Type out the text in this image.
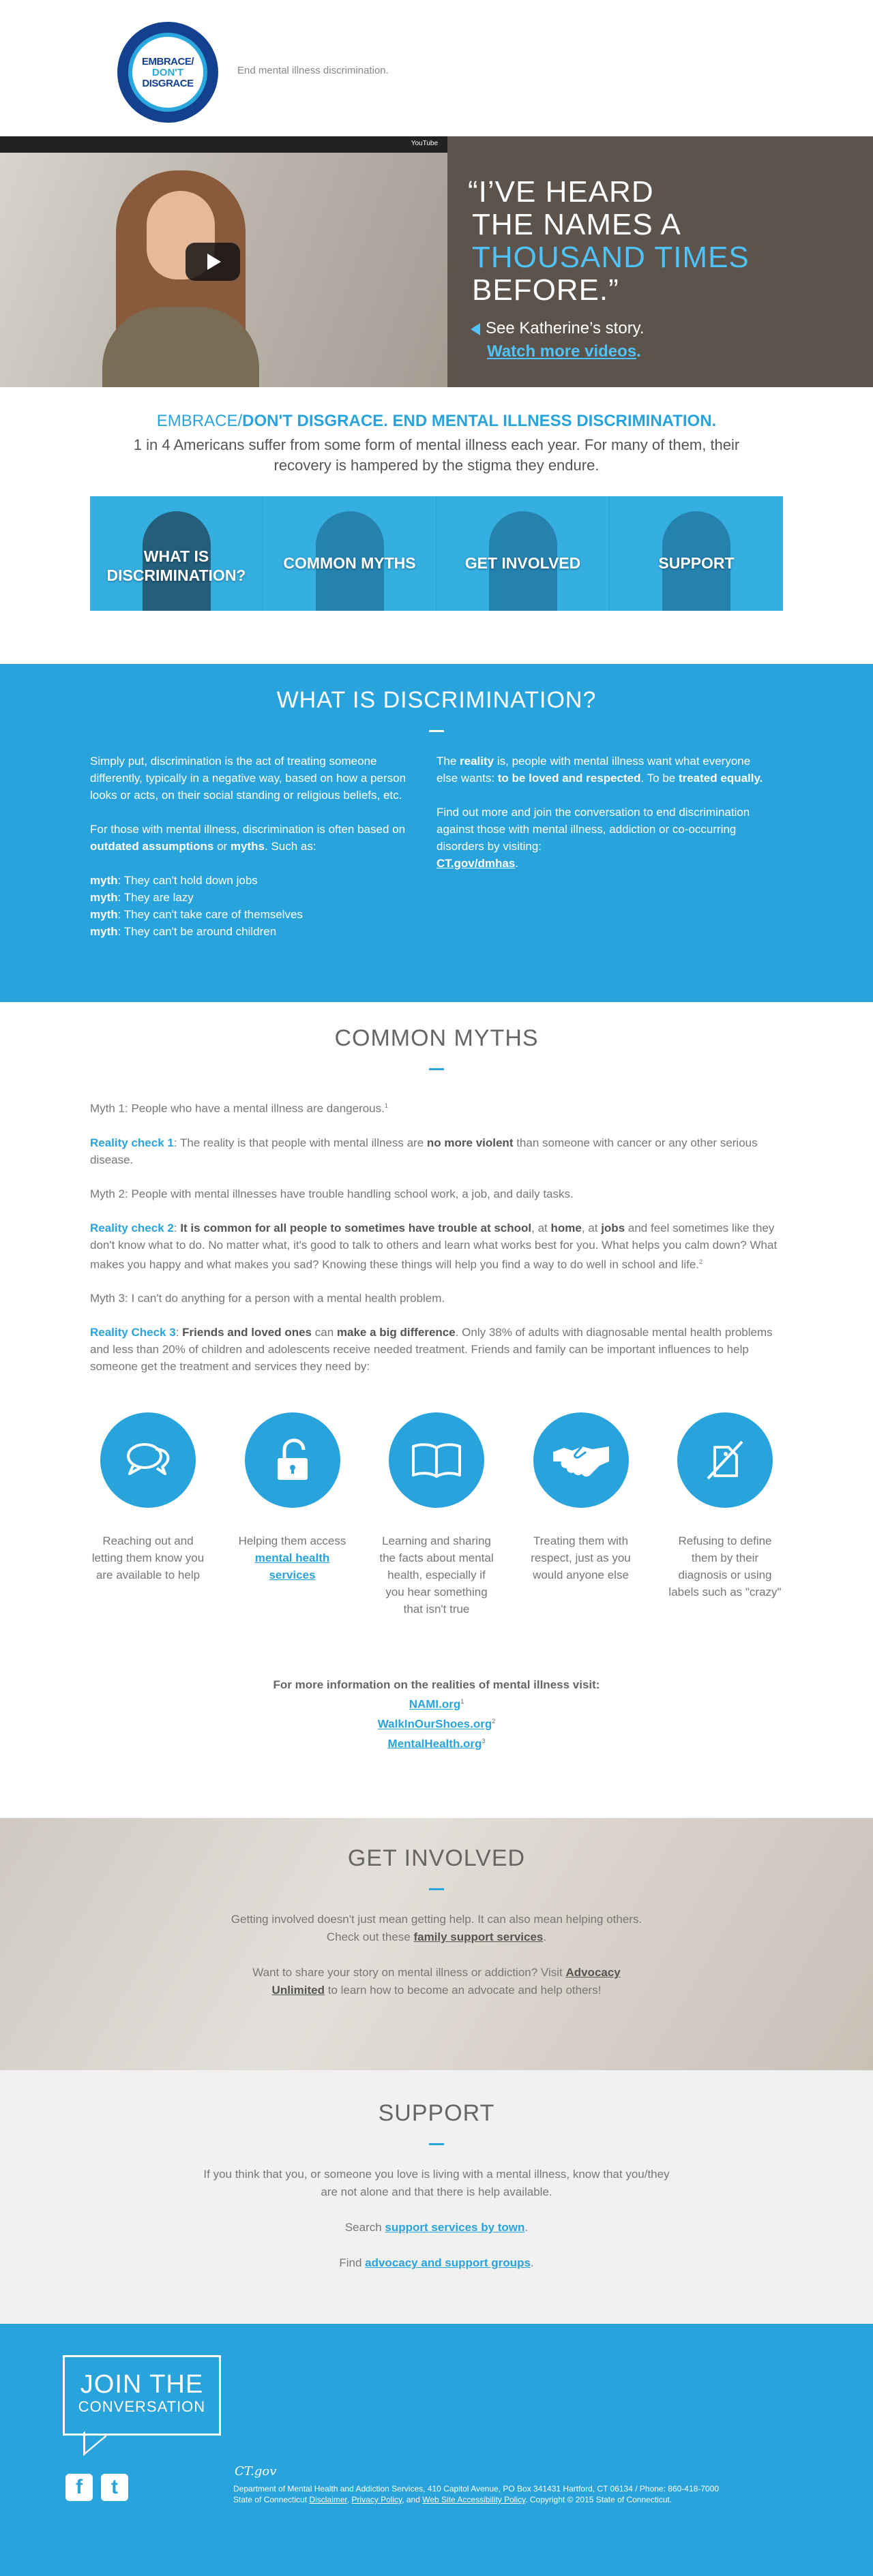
EMBRACE/
DON'T
DISGRACE
End mental illness discrimination.
YouTube
“I’VE HEARD
THE NAMES A
THOUSAND TIMES
BEFORE.”
See Katherine’s story.
Watch more videos.
EMBRACE/DON'T DISGRACE. END MENTAL ILLNESS DISCRIMINATION.
1 in 4 Americans suffer from some form of mental illness each year. For many of them, their recovery is hampered by the stigma they endure.
WHAT IS DISCRIMINATION?
COMMON MYTHS	GET INVOLVED	SUPPORT
WHAT IS DISCRIMINATION?

Simply put, discrimination is the act of treating someone differently, typically in a negative way, based on how a person looks or acts, on their social standing or religious beliefs, etc.

For those with mental illness, discrimination is often based on outdated assumptions or myths. Such as:

myth: They can't hold down jobs
myth: They are lazy
myth: They can't take care of themselves
myth: They can't be around children

The reality is, people with mental illness want what everyone else wants: to be loved and respected. To be treated equally.

Find out more and join the conversation to end discrimination against those with mental illness, addiction or co-occurring disorders by visiting:
CT.gov/dmhas.

COMMON MYTHS

Myth 1: People who have a mental illness are dangerous.$^1$

Reality check 1: The reality is that people with mental illness are no more violent than someone with cancer or any other serious disease.

Myth 2: People with mental illnesses have trouble handling school work, a job, and daily tasks.

Reality check 2: It is common for all people to sometimes have trouble at school, at home, at jobs and feel sometimes like they don't know what to do. No matter what, it's good to talk to others and learn what works best for you. What helps you calm down? What makes you happy and what makes you sad? Knowing these things will help you find a way to do well in school and life.$^2$

Myth 3: I can't do anything for a person with a mental health problem.

Reality Check 3: Friends and loved ones can make a big difference. Only 38% of adults with diagnosable mental health problems and less than 20% of children and adolescents receive needed treatment. Friends and family can be important influences to help someone get the treatment and services they need by:

Reaching out and letting them know you are available to help
Helping them access mental health services
Learning and sharing the facts about mental health, especially if you hear something that isn't true
Treating them with respect, just as you would anyone else
Refusing to define them by their diagnosis or using labels such as "crazy"
For more information on the realities of mental illness visit:
NAMI.org$^1$
WalkInOurShoes.org$^2$
MentalHealth.org$^3$
GET INVOLVED

Getting involved doesn't just mean getting help. It can also mean helping others. Check out these family support services.

Want to share your story on mental illness or addiction? Visit Advocacy Unlimited to learn how to become an advocate and help others!

SUPPORT

If you think that you, or someone you love is living with a mental illness, know that you/they are not alone and that there is help available.

Search support services by town.

Find advocacy and support groups.

JOIN THE
CONVERSATION
f	t
CT.gov
Department of Mental Health and Addiction Services, 410 Capitol Avenue, PO Box 341431 Hartford, CT 06134 / Phone: 860-418-7000
State of Connecticut Disclaimer, Privacy Policy, and Web Site Accessibility Policy. Copyright © 2015 State of Connecticut.
